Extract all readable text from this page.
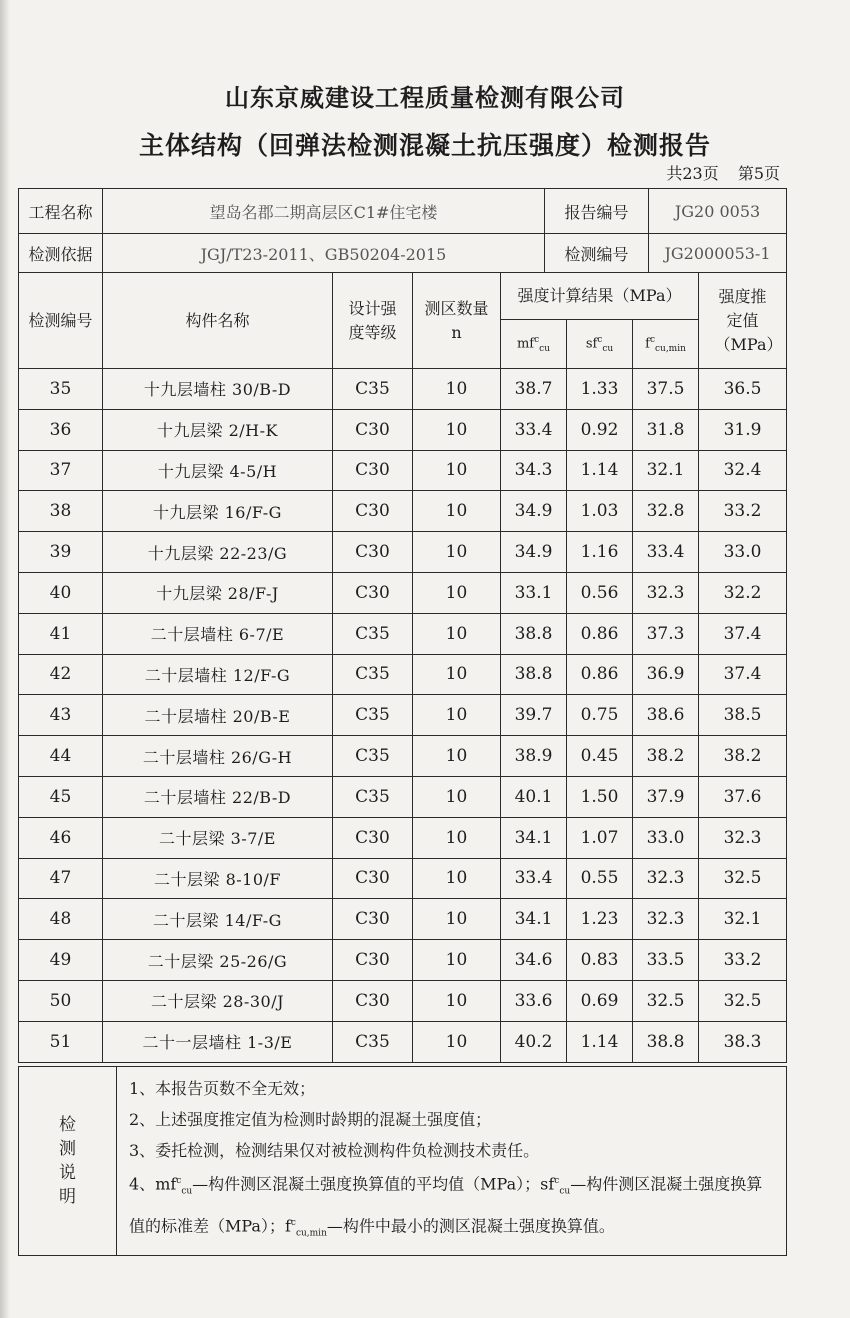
山东京威建设工程质量检测有限公司
主体结构（回弹法检测混凝土抗压强度）检测报告
共23页 第5页
工程名称	望岛名郡二期高层区C1#住宅楼	报告编号	JG20 0053
检测依据	JGJ/T23-2011、GB50204-2015	检测编号	JG2000053-1
检测编号	构件名称	设计强度等级	测区数量n	强度计算结果（MPa）			强度推定值（MPa）

				$mf^c_{cu}$	$sf^c_{cu}$	$f^c_{cu,min}$
35	十九层墙柱 30/B-D	C35	10	38.7	1.33	37.5	36.5
36	十九层梁 2/H-K	C30	10	33.4	0.92	31.8	31.9
37	十九层梁 4-5/H	C30	10	34.3	1.14	32.1	32.4
38	十九层梁 16/F-G	C30	10	34.9	1.03	32.8	33.2
39	十九层梁 22-23/G	C30	10	34.9	1.16	33.4	33.0
40	十九层梁 28/F-J	C30	10	33.1	0.56	32.3	32.2
41	二十层墙柱 6-7/E	C35	10	38.8	0.86	37.3	37.4
42	二十层墙柱 12/F-G	C35	10	38.8	0.86	36.9	37.4
43	二十层墙柱 20/B-E	C35	10	39.7	0.75	38.6	38.5
44	二十层墙柱 26/G-H	C35	10	38.9	0.45	38.2	38.2
45	二十层墙柱 22/B-D	C35	10	40.1	1.50	37.9	37.6
46	二十层梁 3-7/E	C30	10	34.1	1.07	33.0	32.3
47	二十层梁 8-10/F	C30	10	33.4	0.55	32.3	32.5
48	二十层梁 14/F-G	C30	10	34.1	1.23	32.3	32.1
49	二十层梁 25-26/G	C30	10	34.6	0.83	33.5	33.2
50	二十层梁 28-30/J	C30	10	33.6	0.69	32.5	32.5
51	二十一层墙柱 1-3/E	C35	10	40.2	1.14	38.8	38.3
检测说明

1、本报告页数不全无效；

2、上述强度推定值为检测时龄期的混凝土强度值；

3、委托检测，检测结果仅对被检测构件负检测技术责任。

4、$mf^c_{cu}—$构件测区混凝土强度换算值的平均值（MPa）；$sf^c_{cu}—$构件测区混凝土强度换算值的标准差（MPa）；$f^c_{cu,min}—$构件中最小的测区混凝土强度换算值。
